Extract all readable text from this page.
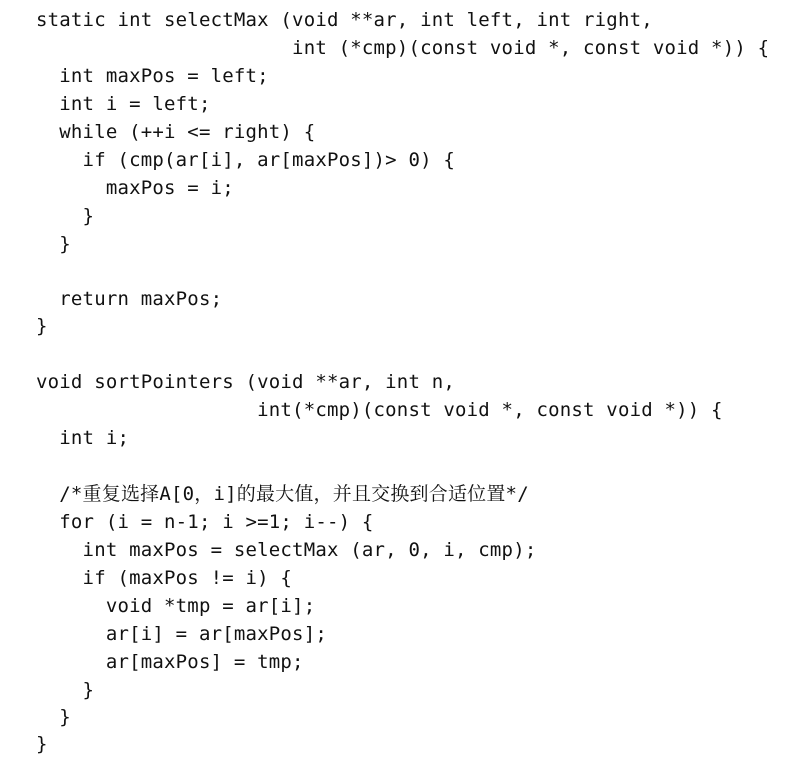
static int selectMax (void **ar, int left, int right,
int (*cmp)(const void *, const void *)) {
int maxPos = left;
int i = left;
while (++i <= right) {
if (cmp(ar[i], ar[maxPos])> 0) {
maxPos = i;
}
}
return maxPos;
}
void sortPointers (void **ar, int n,
int(*cmp)(const void *, const void *)) {
int i;
/*重复选择A[0，i]的最大值，并且交换到合适位置*/
for (i = n-1; i >=1; i--) {
int maxPos = selectMax (ar, 0, i, cmp);
if (maxPos != i) {
void *tmp = ar[i];
ar[i] = ar[maxPos];
ar[maxPos] = tmp;
}
}
}
